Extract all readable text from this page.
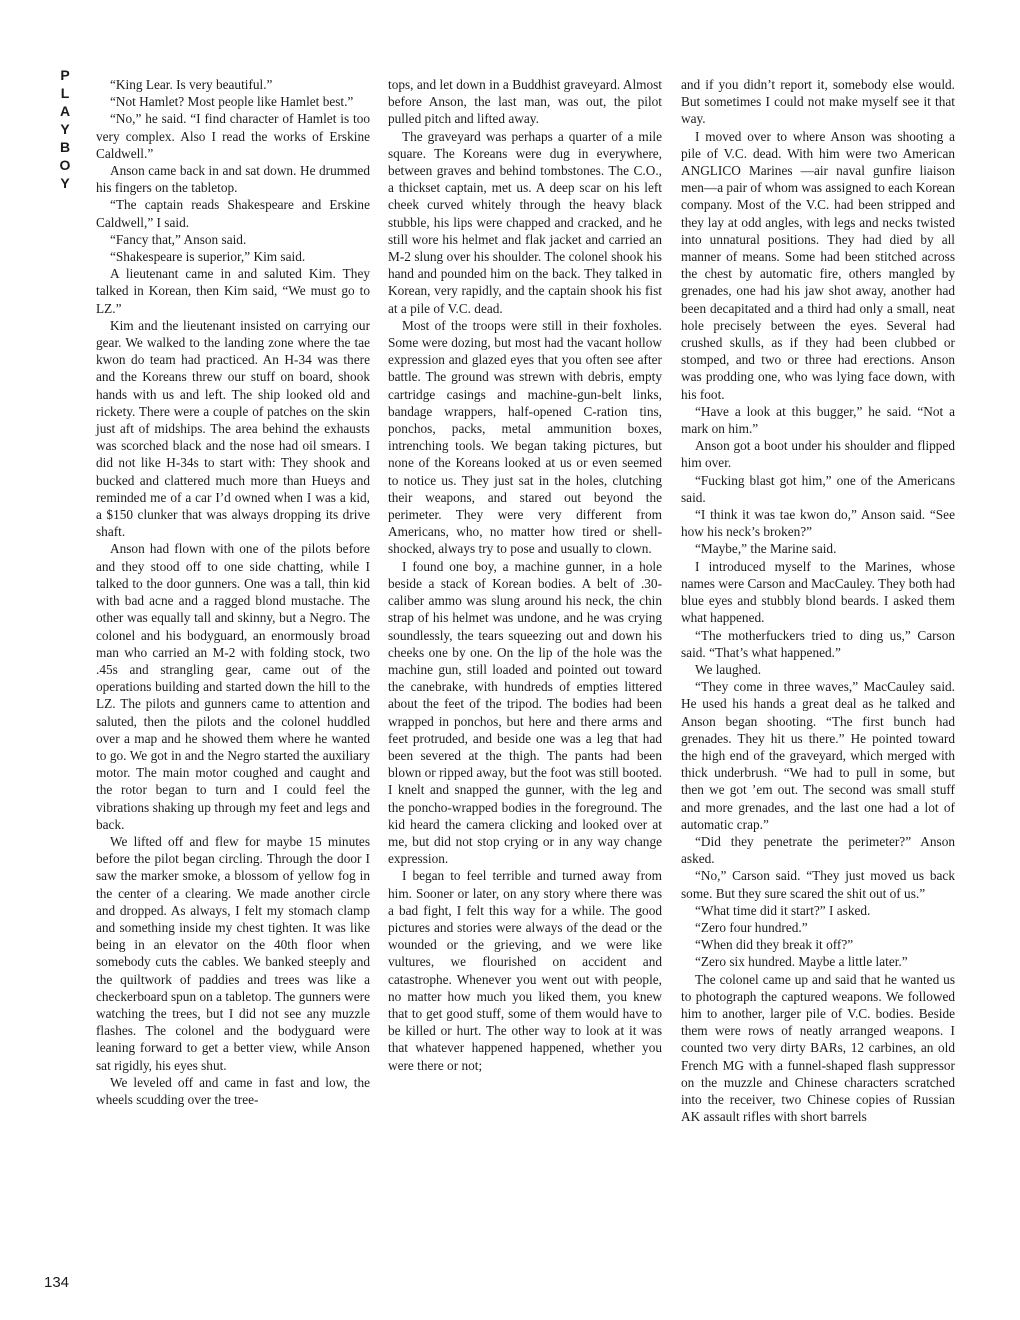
P
L
A
Y
B
O
Y
134

“King Lear. Is very beautiful.”

“Not Hamlet? Most people like Hamlet best.”

“No,” he said. “I find character of Hamlet is too very complex. Also I read the works of Erskine Caldwell.”

Anson came back in and sat down. He drummed his fingers on the tabletop.

“The captain reads Shakespeare and Erskine Caldwell,” I said.

“Fancy that,” Anson said.

“Shakespeare is superior,” Kim said.

A lieutenant came in and saluted Kim. They talked in Korean, then Kim said, “We must go to LZ.”

Kim and the lieutenant insisted on carrying our gear. We walked to the landing zone where the tae kwon do team had practiced. An H-34 was there and the Koreans threw our stuff on board, shook hands with us and left. The ship looked old and rickety. There were a couple of patches on the skin just aft of midships. The area behind the exhausts was scorched black and the nose had oil smears. I did not like H-34s to start with: They shook and bucked and clattered much more than Hueys and reminded me of a car I’d owned when I was a kid, a $150 clunker that was always dropping its drive shaft.

Anson had flown with one of the pilots before and they stood off to one side chatting, while I talked to the door gunners. One was a tall, thin kid with bad acne and a ragged blond mustache. The other was equally tall and skinny, but a Negro. The colonel and his bodyguard, an enormously broad man who carried an M-2 with folding stock, two .45s and strangling gear, came out of the operations building and started down the hill to the LZ. The pilots and gunners came to attention and saluted, then the pilots and the colonel huddled over a map and he showed them where he wanted to go. We got in and the Negro started the auxiliary motor. The main motor coughed and caught and the rotor began to turn and I could feel the vibrations shaking up through my feet and legs and back.

We lifted off and flew for maybe 15 minutes before the pilot began circling. Through the door I saw the marker smoke, a blossom of yellow fog in the center of a clearing. We made another circle and dropped. As always, I felt my stomach clamp and something inside my chest tighten. It was like being in an elevator on the 40th floor when somebody cuts the cables. We banked steeply and the quiltwork of paddies and trees was like a checkerboard spun on a tabletop. The gunners were watching the trees, but I did not see any muzzle flashes. The colonel and the bodyguard were leaning forward to get a better view, while Anson sat rigidly, his eyes shut.

We leveled off and came in fast and low, the wheels scudding over the tree-

tops, and let down in a Buddhist graveyard. Almost before Anson, the last man, was out, the pilot pulled pitch and lifted away.

The graveyard was perhaps a quarter of a mile square. The Koreans were dug in everywhere, between graves and behind tombstones. The C.O., a thickset captain, met us. A deep scar on his left cheek curved whitely through the heavy black stubble, his lips were chapped and cracked, and he still wore his helmet and flak jacket and carried an M-2 slung over his shoulder. The colonel shook his hand and pounded him on the back. They talked in Korean, very rapidly, and the captain shook his fist at a pile of V.C. dead.

Most of the troops were still in their foxholes. Some were dozing, but most had the vacant hollow expression and glazed eyes that you often see after battle. The ground was strewn with debris, empty cartridge casings and machine-gun-belt links, bandage wrappers, half-opened C-ration tins, ponchos, packs, metal ammunition boxes, intrenching tools. We began taking pictures, but none of the Koreans looked at us or even seemed to notice us. They just sat in the holes, clutching their weapons, and stared out beyond the perimeter. They were very different from Americans, who, no matter how tired or shell-shocked, always try to pose and usually to clown.

I found one boy, a machine gunner, in a hole beside a stack of Korean bodies. A belt of .30-caliber ammo was slung around his neck, the chin strap of his helmet was undone, and he was crying soundlessly, the tears squeezing out and down his cheeks one by one. On the lip of the hole was the machine gun, still loaded and pointed out toward the canebrake, with hundreds of empties littered about the feet of the tripod. The bodies had been wrapped in ponchos, but here and there arms and feet protruded, and beside one was a leg that had been severed at the thigh. The pants had been blown or ripped away, but the foot was still booted. I knelt and snapped the gunner, with the leg and the poncho-wrapped bodies in the foreground. The kid heard the camera clicking and looked over at me, but did not stop crying or in any way change expression.

I began to feel terrible and turned away from him. Sooner or later, on any story where there was a bad fight, I felt this way for a while. The good pictures and stories were always of the dead or the wounded or the grieving, and we were like vultures, we flourished on accident and catastrophe. Whenever you went out with people, no matter how much you liked them, you knew that to get good stuff, some of them would have to be killed or hurt. The other way to look at it was that whatever happened happened, whether you were there or not;

and if you didn’t report it, somebody else would. But sometimes I could not make myself see it that way.

I moved over to where Anson was shooting a pile of V.C. dead. With him were two American ANGLICO Marines —air naval gunfire liaison men—a pair of whom was assigned to each Korean company. Most of the V.C. had been stripped and they lay at odd angles, with legs and necks twisted into unnatural positions. They had died by all manner of means. Some had been stitched across the chest by automatic fire, others mangled by grenades, one had his jaw shot away, another had been decapitated and a third had only a small, neat hole precisely between the eyes. Several had crushed skulls, as if they had been clubbed or stomped, and two or three had erections. Anson was prodding one, who was lying face down, with his foot.

“Have a look at this bugger,” he said. “Not a mark on him.”

Anson got a boot under his shoulder and flipped him over.

“Fucking blast got him,” one of the Americans said.

“I think it was tae kwon do,” Anson said. “See how his neck’s broken?”

“Maybe,” the Marine said.

I introduced myself to the Marines, whose names were Carson and MacCauley. They both had blue eyes and stubbly blond beards. I asked them what happened.

“The motherfuckers tried to ding us,” Carson said. “That’s what happened.”

We laughed.

“They come in three waves,” MacCauley said. He used his hands a great deal as he talked and Anson began shooting. “The first bunch had grenades. They hit us there.” He pointed toward the high end of the graveyard, which merged with thick underbrush. “We had to pull in some, but then we got ’em out. The second was small stuff and more grenades, and the last one had a lot of automatic crap.”

“Did they penetrate the perimeter?” Anson asked.

“No,” Carson said. “They just moved us back some. But they sure scared the shit out of us.”

“What time did it start?” I asked.

“Zero four hundred.”

“When did they break it off?”

“Zero six hundred. Maybe a little later.”

The colonel came up and said that he wanted us to photograph the captured weapons. We followed him to another, larger pile of V.C. bodies. Beside them were rows of neatly arranged weapons. I counted two very dirty BARs, 12 carbines, an old French MG with a funnel-shaped flash suppressor on the muzzle and Chinese characters scratched into the receiver, two Chinese copies of Russian AK assault rifles with short barrels
